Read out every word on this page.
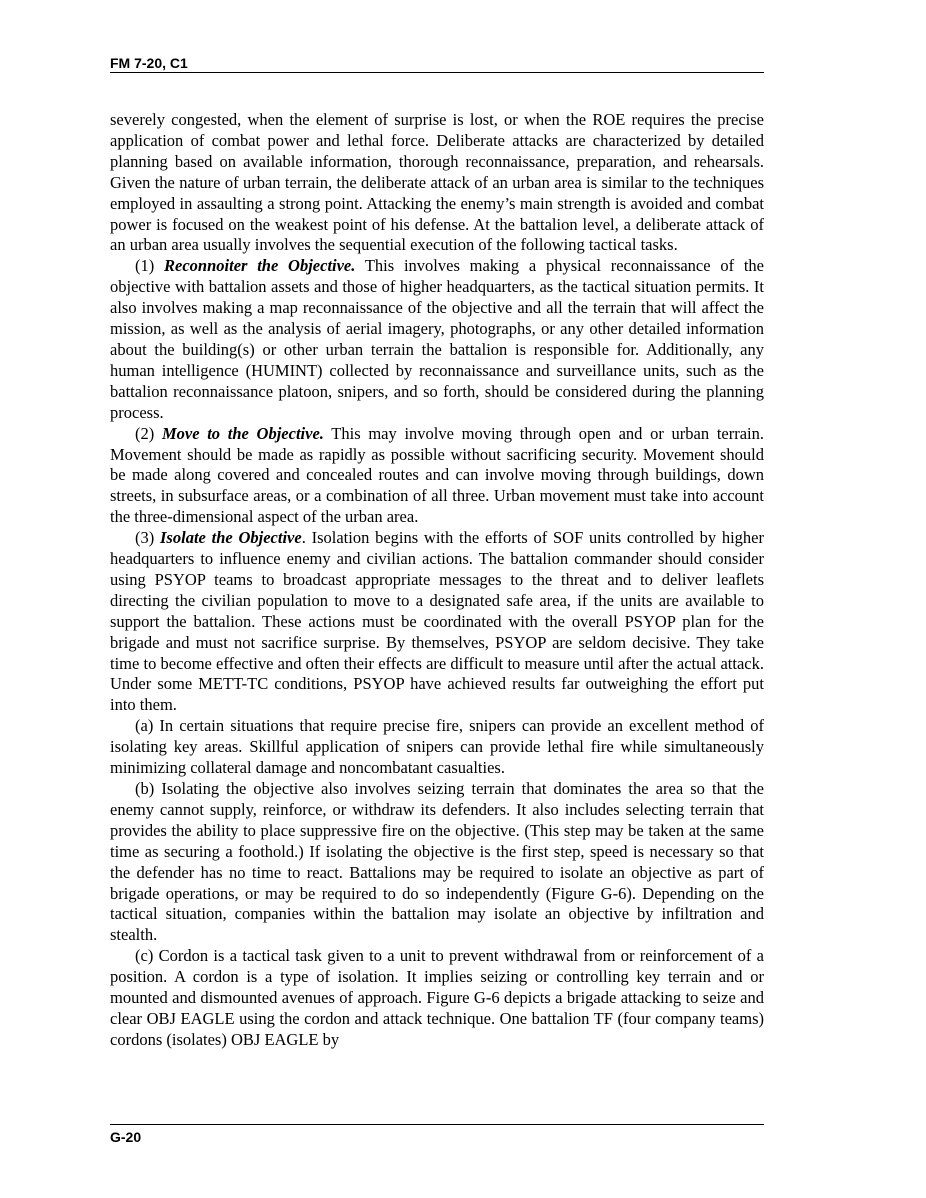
FM 7-20, C1

severely congested, when the element of surprise is lost, or when the ROE requires the precise application of combat power and lethal force. Deliberate attacks are characterized by detailed planning based on available information, thorough reconnaissance, preparation, and rehearsals. Given the nature of urban terrain, the deliberate attack of an urban area is similar to the techniques employed in assaulting a strong point. Attacking the enemy’s main strength is avoided and combat power is focused on the weakest point of his defense. At the battalion level, a deliberate attack of an urban area usually involves the sequential execution of the following tactical tasks.

(1) Reconnoiter the Objective. This involves making a physical reconnaissance of the objective with battalion assets and those of higher headquarters, as the tactical situation permits. It also involves making a map reconnaissance of the objective and all the terrain that will affect the mission, as well as the analysis of aerial imagery, photographs, or any other detailed information about the building(s) or other urban terrain the battalion is responsible for. Additionally, any human intelligence (HUMINT) collected by reconnaissance and surveillance units, such as the battalion reconnaissance platoon, snipers, and so forth, should be considered during the planning process.

(2) Move to the Objective. This may involve moving through open and or urban terrain. Movement should be made as rapidly as possible without sacrificing security. Movement should be made along covered and concealed routes and can involve moving through buildings, down streets, in subsurface areas, or a combination of all three. Urban movement must take into account the three-dimensional aspect of the urban area.

(3) Isolate the Objective. Isolation begins with the efforts of SOF units controlled by higher headquarters to influence enemy and civilian actions. The battalion commander should consider using PSYOP teams to broadcast appropriate messages to the threat and to deliver leaflets directing the civilian population to move to a designated safe area, if the units are available to support the battalion. These actions must be coordinated with the overall PSYOP plan for the brigade and must not sacrifice surprise. By themselves, PSYOP are seldom decisive. They take time to become effective and often their effects are difficult to measure until after the actual attack. Under some METT-TC conditions, PSYOP have achieved results far outweighing the effort put into them.

(a) In certain situations that require precise fire, snipers can provide an excellent method of isolating key areas. Skillful application of snipers can provide lethal fire while simultaneously minimizing collateral damage and noncombatant casualties.

(b) Isolating the objective also involves seizing terrain that dominates the area so that the enemy cannot supply, reinforce, or withdraw its defenders. It also includes selecting terrain that provides the ability to place suppressive fire on the objective. (This step may be taken at the same time as securing a foothold.) If isolating the objective is the first step, speed is necessary so that the defender has no time to react. Battalions may be required to isolate an objective as part of brigade operations, or may be required to do so independently (Figure G-6). Depending on the tactical situation, companies within the battalion may isolate an objective by infiltration and stealth.

(c) Cordon is a tactical task given to a unit to prevent withdrawal from or reinforcement of a position. A cordon is a type of isolation. It implies seizing or controlling key terrain and or mounted and dismounted avenues of approach. Figure G-6 depicts a brigade attacking to seize and clear OBJ EAGLE using the cordon and attack technique. One battalion TF (four company teams) cordons (isolates) OBJ EAGLE by

G-20
